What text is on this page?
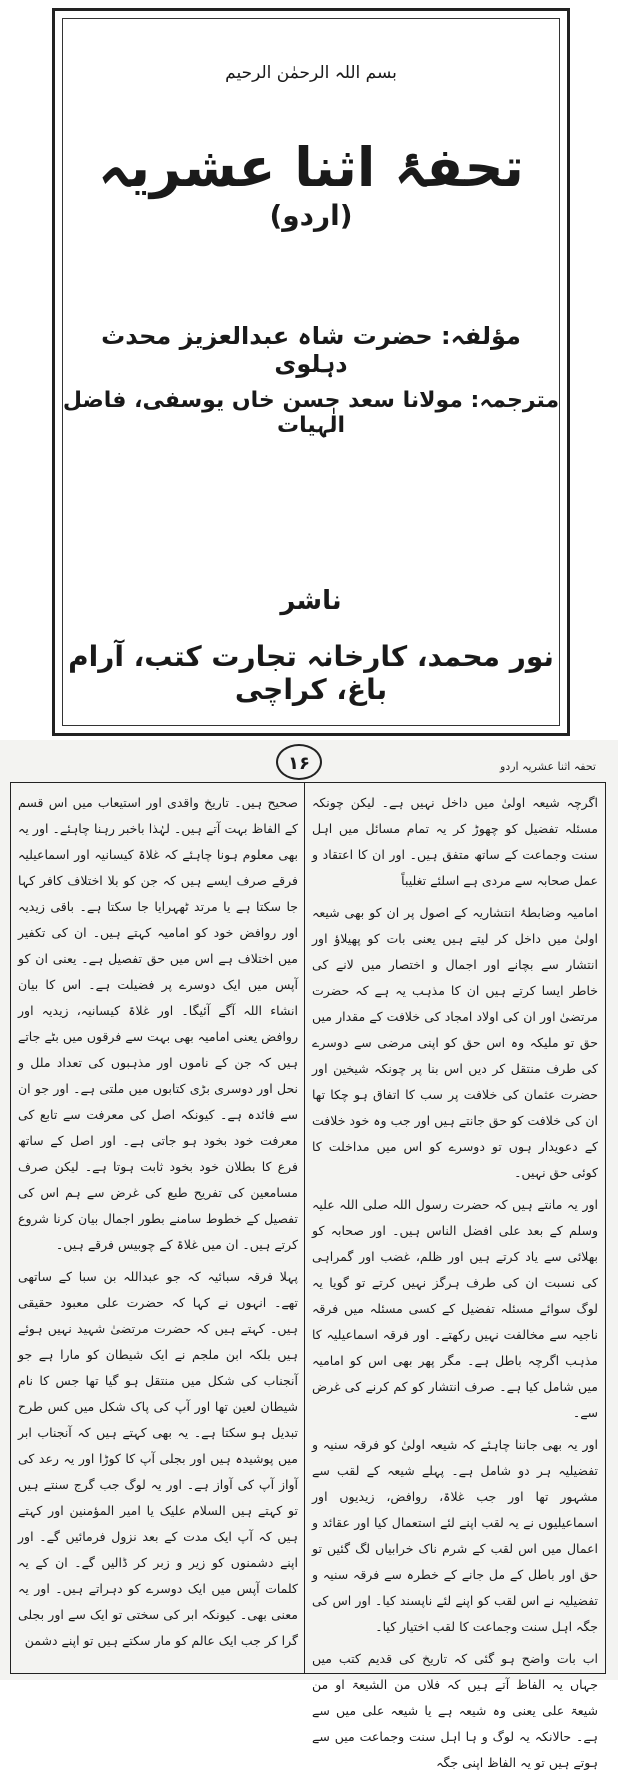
بسم اللہ الرحمٰن الرحیم
تحفۂ اثنا عشریہ $^{(اردو)}$
مؤلفہ: حضرت شاہ عبدالعزیز محدث دہلوی
مترجمہ: مولانا سعد حسن خاں یوسفی، فاضل الٰہیات
ناشر
نور محمد، کارخانہ تجارت کتب، آرام باغ، کراچی
تحفہ اثنا عشریہ اردو
۱۶

اگرچہ شیعہ اولیٰ میں داخل نہیں ہے۔ لیکن چونکہ مسئلہ تفضیل کو چھوڑ کر یہ تمام مسائل میں اہل سنت وجماعت کے ساتھ متفق ہیں۔ اور ان کا اعتقاد و عمل صحابہ سے مردی ہے اسلئے تغلیباً

امامیہ وضابطۂ انتشاریہ کے اصول پر ان کو بھی شیعہ اولیٰ میں داخل کر لیتے ہیں یعنی بات کو پھیلاؤ اور انتشار سے بچانے اور اجمال و اختصار میں لانے کی خاطر ایسا کرتے ہیں ان کا مذہب یہ ہے کہ حضرت مرتضیٰ اور ان کی اولاد امجاد کی خلافت کے مقدار میں حق تو ملیکہ وہ اس حق کو اپنی مرضی سے دوسرے کی طرف منتقل کر دیں اس بنا پر چونکہ شیخین اور حضرت عثمان کی خلافت پر سب کا اتفاق ہو چکا تھا ان کی خلافت کو حق جانتے ہیں اور جب وہ خود خلافت کے دعویدار ہوں تو دوسرے کو اس میں مداخلت کا کوئی حق نہیں۔

اور یہ مانتے ہیں کہ حضرت رسول اللہ صلی اللہ علیہ وسلم کے بعد علی افضل الناس ہیں۔ اور صحابہ کو بھلائی سے یاد کرتے ہیں اور ظلم، غضب اور گمراہی کی نسبت ان کی طرف ہرگز نہیں کرتے تو گویا یہ لوگ سوائے مسئلہ تفضیل کے کسی مسئلہ میں فرقہ ناجیہ سے مخالفت نہیں رکھتے۔ اور فرقہ اسماعیلیہ کا مذہب اگرچہ باطل ہے۔ مگر پھر بھی اس کو امامیہ میں شامل کیا ہے۔ صرف انتشار کو کم کرنے کی غرض سے۔

اور یہ بھی جاننا چاہئے کہ شیعہ اولیٰ کو فرقہ سنیہ و تفضیلیہ ہر دو شامل ہے۔ پہلے شیعہ کے لقب سے مشہور تھا اور جب غلاۃ، روافض، زیدیوں اور اسماعیلیوں نے یہ لقب اپنے لئے استعمال کیا اور عقائد و اعمال میں اس لقب کے شرم ناک خرابیاں لگ گئیں تو حق اور باطل کے مل جانے کے خطرہ سے فرقہ سنیہ و تفضیلیہ نے اس لقب کو اپنے لئے ناپسند کیا۔ اور اس کی جگہ اہل سنت وجماعت کا لقب اختیار کیا۔

اب بات واضح ہو گئی کہ تاریخ کی قدیم کتب میں جہاں یہ الفاظ آتے ہیں کہ فلاں من الشیعۃ او من شیعۃ علی یعنی وہ شیعہ ہے یا شیعہ علی میں سے ہے۔ حالانکہ یہ لوگ و ہا اہل سنت وجماعت میں سے ہوتے ہیں تو یہ الفاظ اپنی جگہ

صحیح ہیں۔ تاریخ واقدی اور استیعاب میں اس قسم کے الفاظ بہت آتے ہیں۔ لہٰذا باخبر رہنا چاہئے۔ اور یہ بھی معلوم ہونا چاہئے کہ غلاۃ کیسانیہ اور اسماعیلیہ فرقے صرف ایسے ہیں کہ جن کو بلا اختلاف کافر کہا جا سکتا ہے یا مرتد ٹھہرایا جا سکتا ہے۔ باقی زیدیہ اور روافض خود کو امامیہ کہتے ہیں۔ ان کی تکفیر میں اختلاف ہے اس میں حق تفصیل ہے۔ یعنی ان کو آپس میں ایک دوسرے پر فضیلت ہے۔ اس کا بیان انشاء اللہ آگے آئیگا۔ اور غلاۃ کیسانیہ، زیدیہ اور روافض یعنی امامیہ بھی بہت سے فرقوں میں بٹے جاتے ہیں کہ جن کے ناموں اور مذہبوں کی تعداد ملل و نحل اور دوسری بڑی کتابوں میں ملتی ہے۔ اور جو ان سے فائدہ ہے۔ کیونکہ اصل کی معرفت سے تابع کی معرفت خود بخود ہو جاتی ہے۔ اور اصل کے ساتھ فرع کا بطلان خود بخود ثابت ہوتا ہے۔ لیکن صرف مسامعین کی تفریح طبع کی غرض سے ہم اس کی تفصیل کے خطوط سامنے بطور اجمال بیان کرنا شروع کرتے ہیں۔ ان میں غلاۃ کے چوبیس فرقے ہیں۔

پہلا فرقہ سبائیہ کہ جو عبداللہ بن سبا کے ساتھی تھے۔ انہوں نے کہا کہ حضرت علی معبود حقیقی ہیں۔ کہتے ہیں کہ حضرت مرتضیٰ شہید نہیں ہوئے ہیں بلکہ ابن ملجم نے ایک شیطان کو مارا ہے جو آنجناب کی شکل میں منتقل ہو گیا تھا جس کا نام شیطان لعین تھا اور آپ کی پاک شکل میں کس طرح تبدیل ہو سکتا ہے۔ یہ بھی کہتے ہیں کہ آنجناب ابر میں پوشیدہ ہیں اور بجلی آپ کا کوڑا اور یہ رعد کی آواز آپ کی آواز ہے۔ اور یہ لوگ جب گرج سنتے ہیں تو کہتے ہیں السلام علیک یا امیر المؤمنین اور کہتے ہیں کہ آپ ایک مدت کے بعد نزول فرمائیں گے۔ اور اپنے دشمنوں کو زیر و زبر کر ڈالیں گے۔ ان کے یہ کلمات آپس میں ایک دوسرے کو دہراتے ہیں۔ اور یہ معنی بھی۔ کیونکہ ابر کی سختی تو ایک سے اور بجلی گرا کر جب ایک عالم کو مار سکتے ہیں تو اپنے دشمن
